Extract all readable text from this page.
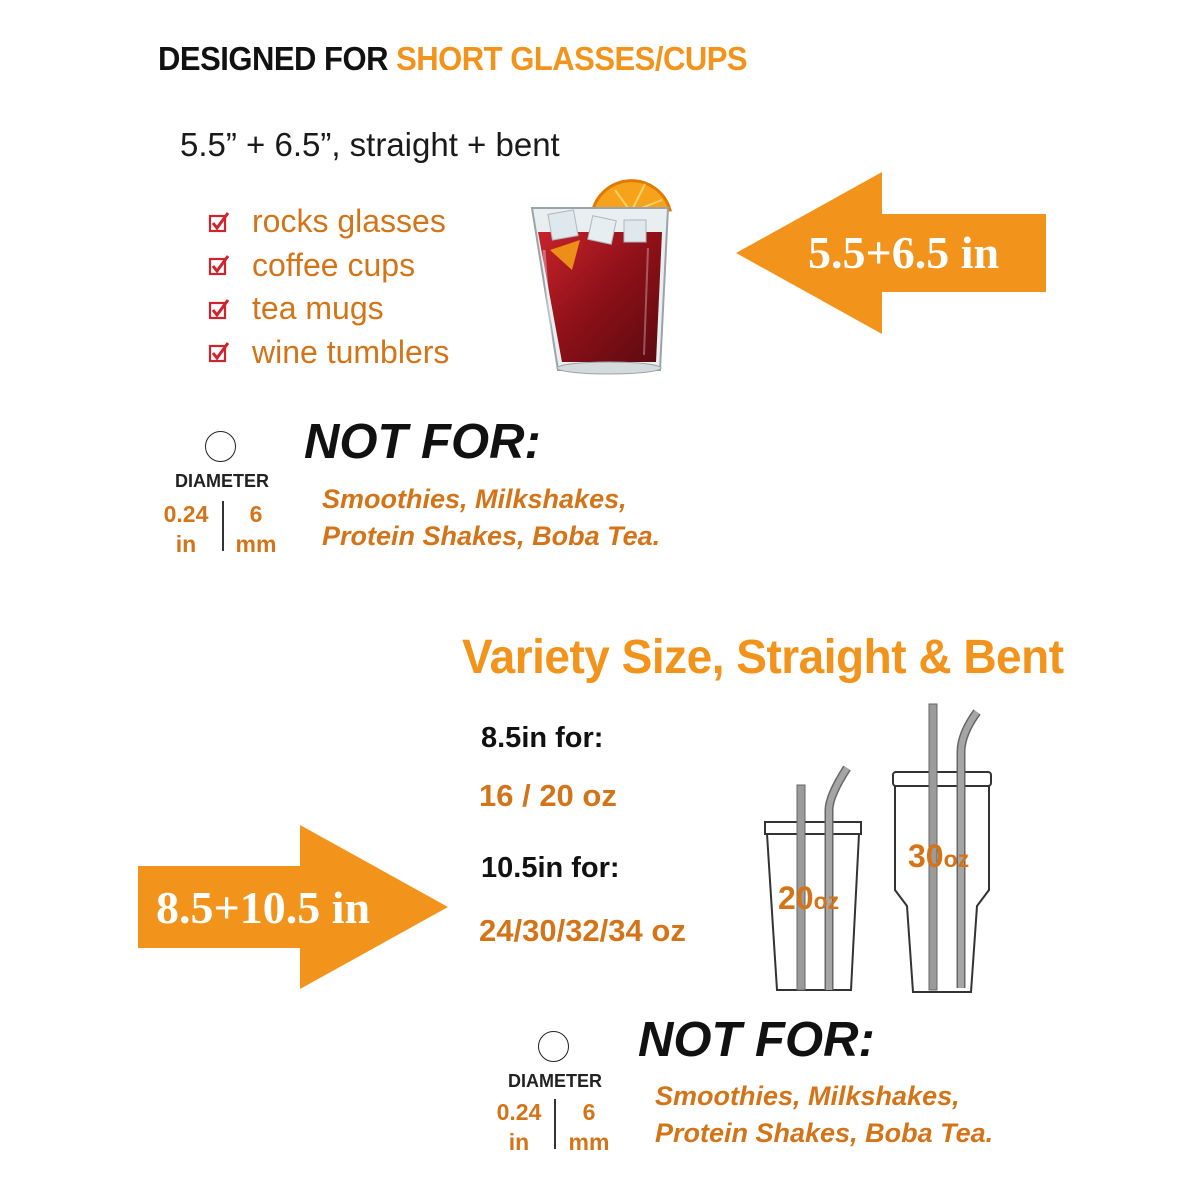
DESIGNED FOR SHORT GLASSES/CUPS
5.5” + 6.5”, straight + bent
rocks glasses
coffee cups
tea mugs
wine tumblers
5.5+6.5 in
DIAMETER
0.24
in
6
mm
NOT FOR:
Smoothies, Milkshakes,
Protein Shakes, Boba Tea.
Variety Size, Straight & Bent
8.5in for:
16 / 20 oz
10.5in for:
24/30/32/34 oz
8.5+10.5 in	20oz
30oz
DIAMETER
0.24
in
6
mm
NOT FOR:
Smoothies, Milkshakes,
Protein Shakes, Boba Tea.
